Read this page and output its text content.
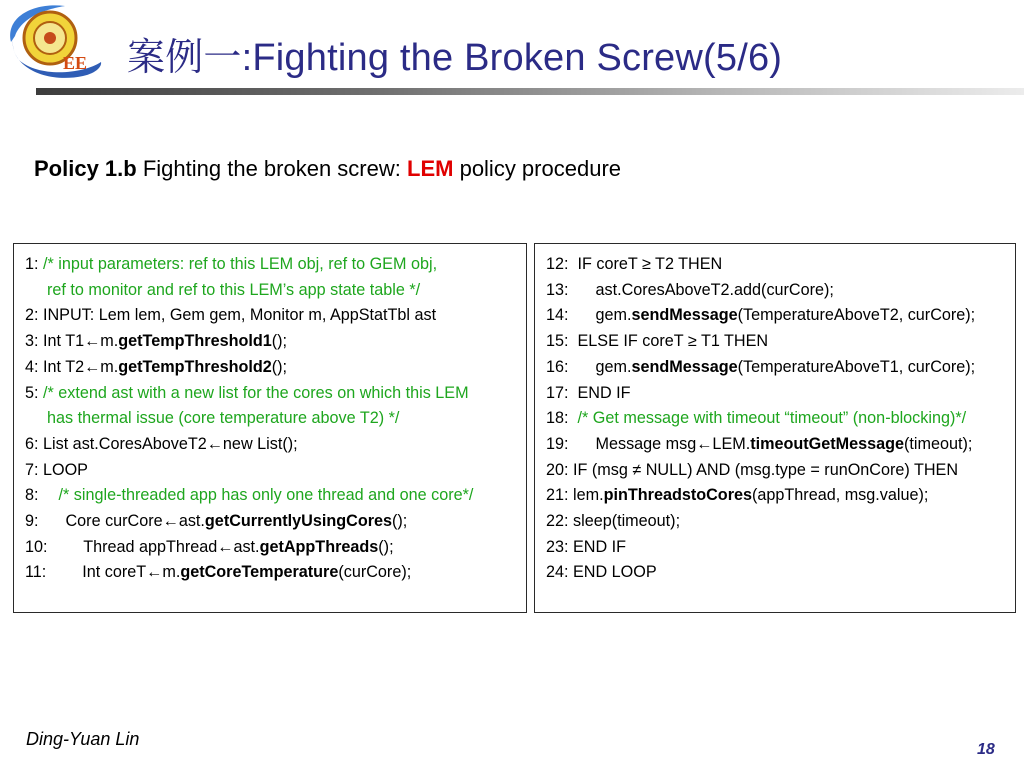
EE 案例一:Fighting the Broken Screw(5/6)
Policy 1.b Fighting the broken screw: LEM policy procedure
1: /* input parameters: ref to this LEM obj, ref to GEM obj,
ref to monitor and ref to this LEM’s app state table */
2: INPUT: Lem lem, Gem gem, Monitor m, AppStatTbl ast
3: Int T1←m.getTempThreshold1();
4: Int T2←m.getTempThreshold2();
5: /* extend ast with a new list for the cores on which this LEM
has thermal issue (core temperature above T2) */
6: List ast.CoresAboveT2←new List();
7: LOOP
8: /* single-threaded app has only one thread and one core*/
9:      Core curCore←ast.getCurrentlyUsingCores();
10:        Thread appThread←ast.getAppThreads();
11:        Int coreT←m.getCoreTemperature(curCore);
12:  IF coreT ≥ T2 THEN
13:      ast.CoresAboveT2.add(curCore);
14:      gem.sendMessage(TemperatureAboveT2, curCore);
15:  ELSE IF coreT ≥ T1 THEN
16:      gem.sendMessage(TemperatureAboveT1, curCore);
17:  END IF
18:  /* Get message with timeout “timeout” (non-blocking)*/
19:      Message msg←LEM.timeoutGetMessage(timeout);
20: IF (msg ≠ NULL) AND (msg.type = runOnCore) THEN
21: lem.pinThreadstoCores(appThread, msg.value);
22: sleep(timeout);
23: END IF
24: END LOOP
Ding-Yuan Lin
18
